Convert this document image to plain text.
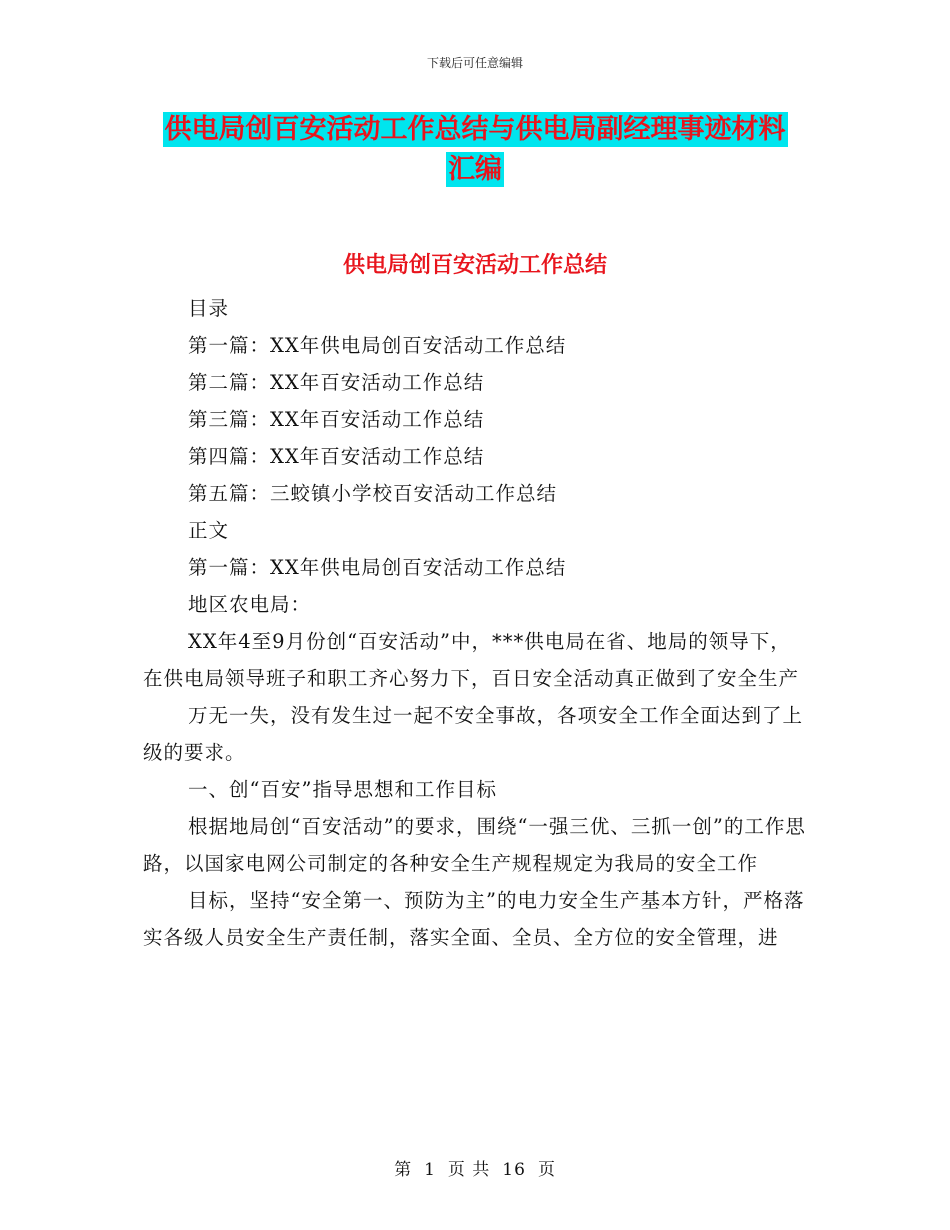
下载后可任意编辑
供电局创百安活动工作总结与供电局副经理事迹材料
汇编
供电局创百安活动工作总结

目录

第一篇：XX年供电局创百安活动工作总结

第二篇：XX年百安活动工作总结

第三篇：XX年百安活动工作总结

第四篇：XX年百安活动工作总结

第五篇：三蛟镇小学校百安活动工作总结

正文

第一篇：XX年供电局创百安活动工作总结

地区农电局：

XX年4至9月份创“百安活动”中，***供电局在省、地局的领导下，在供电局领导班子和职工齐心努力下，百日安全活动真正做到了安全生产

万无一失，没有发生过一起不安全事故，各项安全工作全面达到了上级的要求。

一、创“百安”指导思想和工作目标

根据地局创“百安活动”的要求，围绕“一强三优、三抓一创”的工作思路，以国家电网公司制定的各种安全生产规程规定为我局的安全工作

目标，坚持“安全第一、预防为主”的电力安全生产基本方针，严格落实各级人员安全生产责任制，落实全面、全员、全方位的安全管理，进

第 1 页 共 16 页
